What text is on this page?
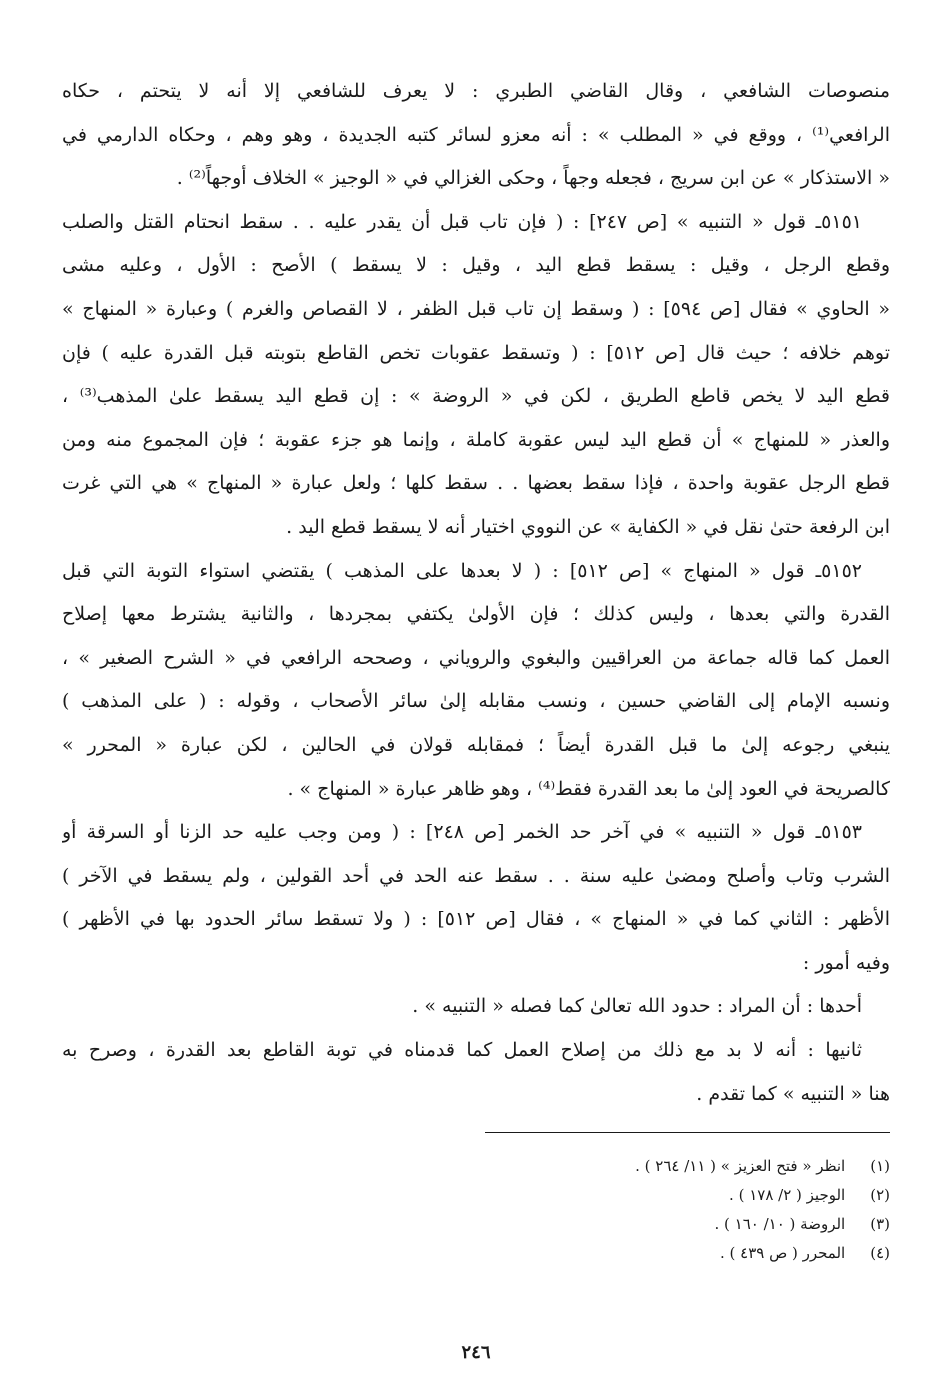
منصوصات الشافعي ، وقال القاضي الطبري : لا يعرف للشافعي إلا أنه لا يتحتم ، حكاه
الرافعي⁽¹⁾ ، ووقع في « المطلب » : أنه معزو لسائر كتبه الجديدة ، وهو وهم ، وحكاه الدارمي في
« الاستذكار » عن ابن سريج ، فجعله وجهاً ، وحكى الغزالي في « الوجيز » الخلاف أوجهاً⁽²⁾ .
٥١٥١ـ قول « التنبيه » [ص ٢٤٧] : ( فإن تاب قبل أن يقدر عليه . . سقط انحتام القتل والصلب
وقطع الرجل ، وقيل : يسقط قطع اليد ، وقيل : لا يسقط ) الأصح : الأول ، وعليه مشى
« الحاوي » فقال [ص ٥٩٤] : ( وسقط إن تاب قبل الظفر ، لا القصاص والغرم ) وعبارة « المنهاج »
توهم خلافه ؛ حيث قال [ص ٥١٢] : ( وتسقط عقوبات تخص القاطع بتوبته قبل القدرة عليه ) فإن
قطع اليد لا يخص قاطع الطريق ، لكن في « الروضة » : إن قطع اليد يسقط علىٰ المذهب⁽³⁾ ،
والعذر « للمنهاج » أن قطع اليد ليس عقوبة كاملة ، وإنما هو جزء عقوبة ؛ فإن المجموع منه ومن
قطع الرجل عقوبة واحدة ، فإذا سقط بعضها . . سقط كلها ؛ ولعل عبارة « المنهاج » هي التي غرت
ابن الرفعة حتىٰ نقل في « الكفاية » عن النووي اختيار أنه لا يسقط قطع اليد .
٥١٥٢ـ قول « المنهاج » [ص ٥١٢] : ( لا بعدها على المذهب ) يقتضي استواء التوبة التي قبل
القدرة والتي بعدها ، وليس كذلك ؛ فإن الأولىٰ يكتفي بمجردها ، والثانية يشترط معها إصلاح
العمل كما قاله جماعة من العراقيين والبغوي والروياني ، وصححه الرافعي في « الشرح الصغير » ،
ونسبه الإمام إلى القاضي حسين ، ونسب مقابله إلىٰ سائر الأصحاب ، وقوله : ( على المذهب )
ينبغي رجوعه إلىٰ ما قبل القدرة أيضاً ؛ فمقابله قولان في الحالين ، لكن عبارة « المحرر »
كالصريحة في العود إلىٰ ما بعد القدرة فقط⁽⁴⁾ ، وهو ظاهر عبارة « المنهاج » .
٥١٥٣ـ قول « التنبيه » في آخر حد الخمر [ص ٢٤٨] : ( ومن وجب عليه حد الزنا أو السرقة أو
الشرب وتاب وأصلح ومضىٰ عليه سنة . . سقط عنه الحد في أحد القولين ، ولم يسقط في الآخر )
الأظهر : الثاني كما في « المنهاج » ، فقال [ص ٥١٢] : ( ولا تسقط سائر الحدود بها في الأظهر )
وفيه أمور :
أحدها : أن المراد : حدود الله تعالىٰ كما فصله « التنبيه » .
ثانيها : أنه لا بد مع ذلك من إصلاح العمل كما قدمناه في توبة القاطع بعد القدرة ، وصرح به
هنا « التنبيه » كما تقدم .
(١) انظر « فتح العزيز » ( ١١/ ٢٦٤ ) .
(٢) الوجيز ( ٢/ ١٧٨ ) .
(٣) الروضة ( ١٠/ ١٦٠ ) .
(٤) المحرر ( ص ٤٣٩ ) .
٢٤٦
